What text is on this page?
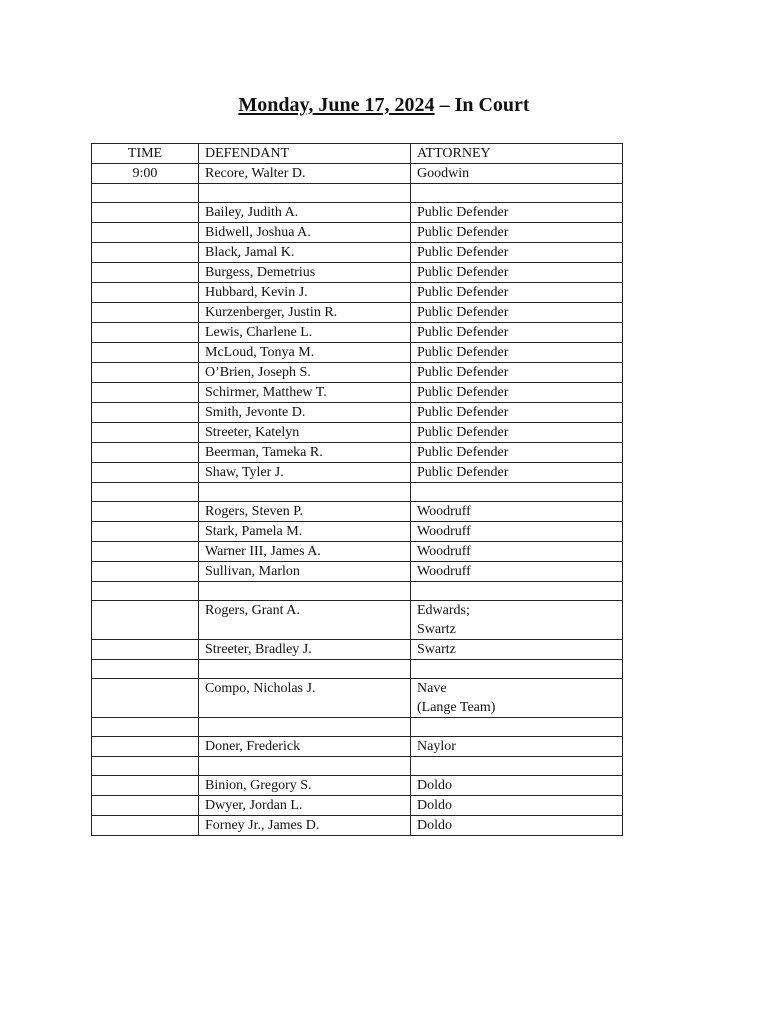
Monday, June 17, 2024 – In Court
TIME	DEFENDANT	ATTORNEY
9:00	Recore, Walter D.	Goodwin

	Bailey, Judith A.	Public Defender
	Bidwell, Joshua A.	Public Defender
	Black, Jamal K.	Public Defender
	Burgess, Demetrius	Public Defender
	Hubbard, Kevin J.	Public Defender
	Kurzenberger, Justin R.	Public Defender
	Lewis, Charlene L.	Public Defender
	McLoud, Tonya M.	Public Defender
	O’Brien, Joseph S.	Public Defender
	Schirmer, Matthew T.	Public Defender
	Smith, Jevonte D.	Public Defender
	Streeter, Katelyn	Public Defender
	Beerman, Tameka R.	Public Defender
	Shaw, Tyler J.	Public Defender

	Rogers, Steven P.	Woodruff
	Stark, Pamela M.	Woodruff
	Warner III, James A.	Woodruff
	Sullivan, Marlon	Woodruff

	Rogers, Grant A.	Edwards;
Swartz
	Streeter, Bradley J.	Swartz

	Compo, Nicholas J.	Nave
(Lange Team)

	Doner, Frederick	Naylor

	Binion, Gregory S.	Doldo
	Dwyer, Jordan L.	Doldo
	Forney Jr., James D.	Doldo
